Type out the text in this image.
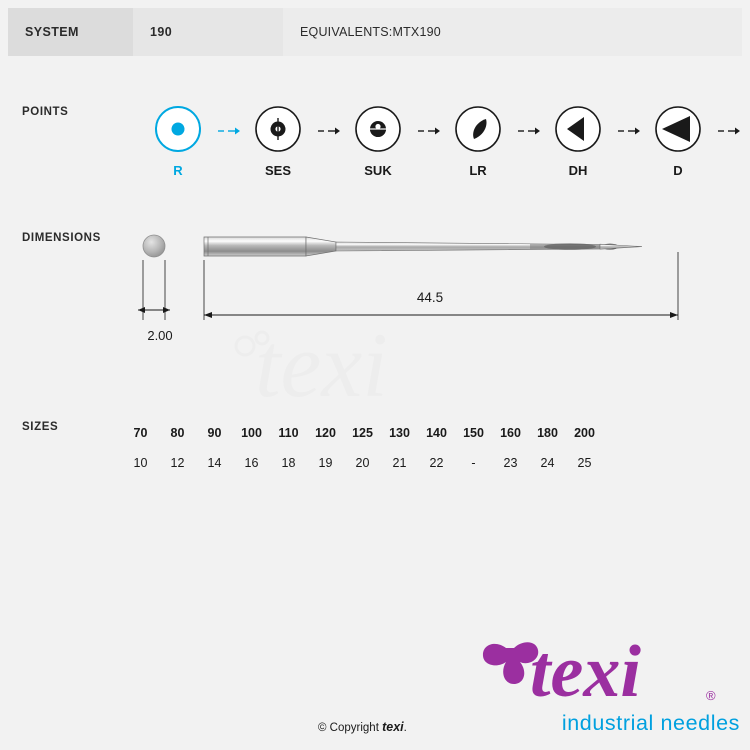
SYSTEM	190	EQUIVALENTS:MTX190
POINTS
R	SES	SUK	LR	DH	D
DIMENSIONS
2.00
44.5
texi
SIZES	70	80	90	100	110	120	125	130	140	150	160	180	200
10	12	14	16	18	19	20	21	22	-	23	24	25
texi	®
industrial needles
© Copyright texi.
